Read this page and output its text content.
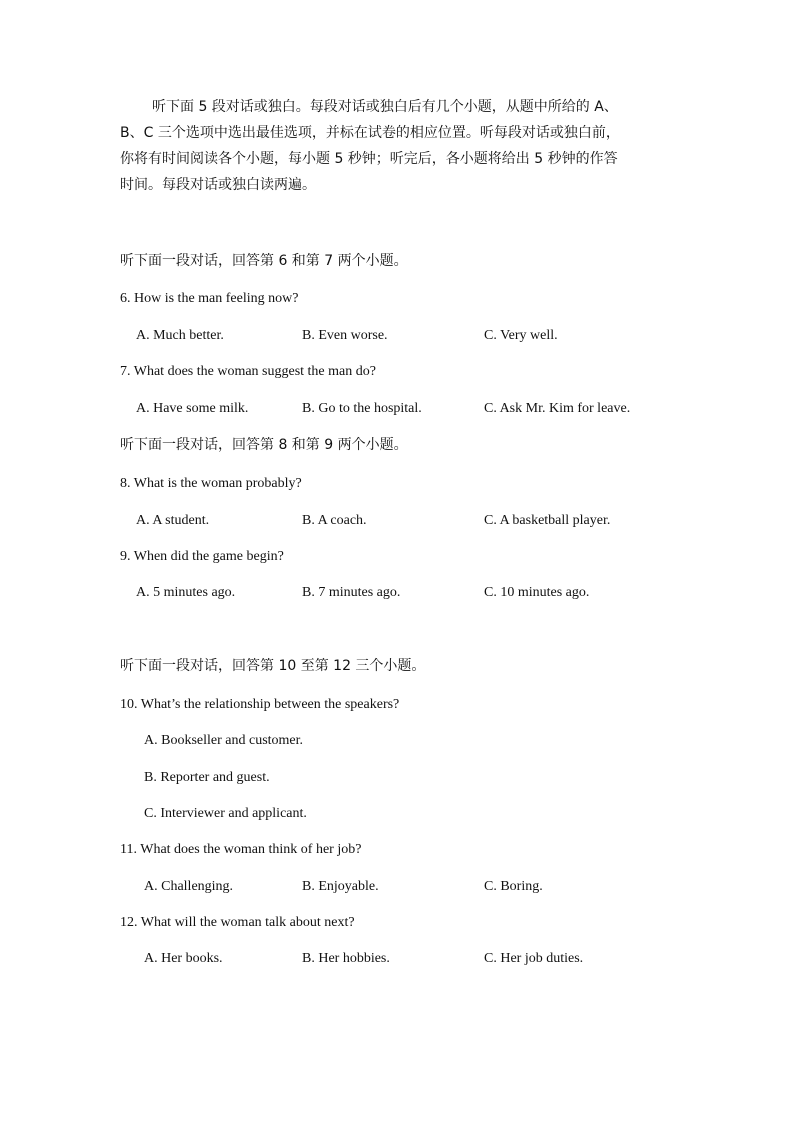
听下面 5 段对话或独白。每段对话或独白后有几个小题，从题中所给的 A、
B、C 三个选项中选出最佳选项，并标在试卷的相应位置。听每段对话或独白前，
你将有时间阅读各个小题，每小题 5 秒钟；听完后，各小题将给出 5 秒钟的作答
时间。每段对话或独白读两遍。
听下面一段对话，回答第 6 和第 7 两个小题。
6. How is the man feeling now?
A. Much better.	B. Even worse.	C. Very well.
7. What does the woman suggest the man do?
A. Have some milk.	B. Go to the hospital.	C. Ask Mr. Kim for leave.
听下面一段对话，回答第 8 和第 9 两个小题。
8. What is the woman probably?
A. A student.	B. A coach.	C. A basketball player.
9. When did the game begin?
A. 5 minutes ago.	B. 7 minutes ago.	C. 10 minutes ago.
听下面一段对话，回答第 10 至第 12 三个小题。
10. What’s the relationship between the speakers?
A. Bookseller and customer.
B. Reporter and guest.
C. Interviewer and applicant.
11. What does the woman think of her job?
A. Challenging.	B. Enjoyable.	C. Boring.
12. What will the woman talk about next?
A. Her books.	B. Her hobbies.	C. Her job duties.
